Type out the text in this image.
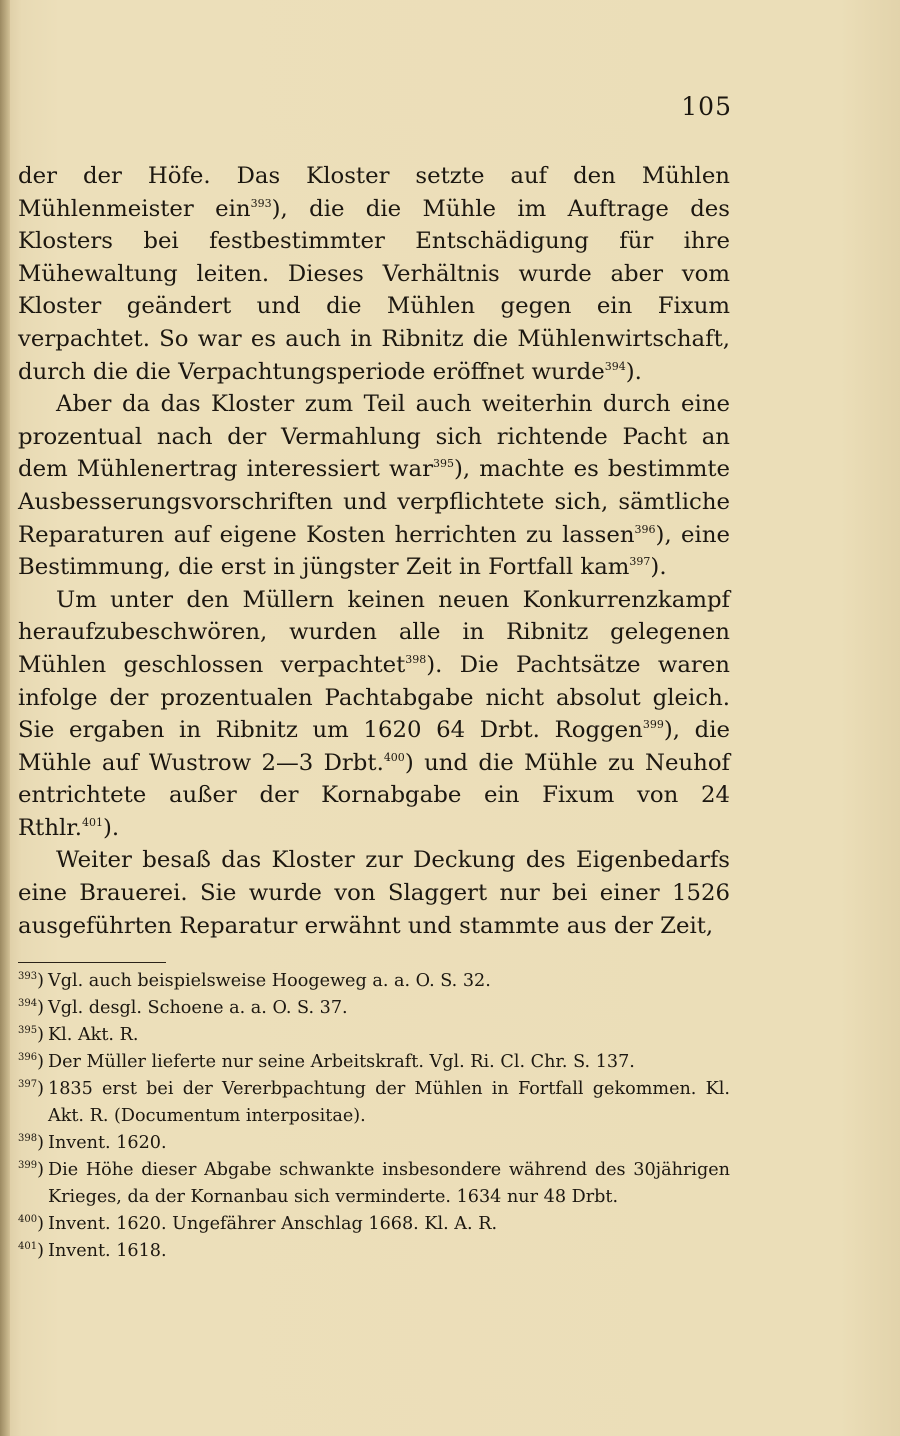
105

der der Höfe. Das Kloster setzte auf den Mühlen Mühlenmeister ein$^{393}$), die die Mühle im Auftrage des Klosters bei festbestimmter Entschädigung für ihre Mühewaltung leiten. Dieses Verhältnis wurde aber vom Kloster geändert und die Mühlen gegen ein Fixum verpachtet. So war es auch in Ribnitz die Mühlenwirtschaft, durch die die Verpachtungsperiode eröffnet wurde$^{394}$).

Aber da das Kloster zum Teil auch weiterhin durch eine prozentual nach der Vermahlung sich richtende Pacht an dem Mühlenertrag interessiert war$^{395}$), machte es bestimmte Ausbesserungsvorschriften und verpflichtete sich, sämtliche Reparaturen auf eigene Kosten herrichten zu lassen$^{396}$), eine Bestimmung, die erst in jüngster Zeit in Fortfall kam$^{397}$).

Um unter den Müllern keinen neuen Konkurrenzkampf heraufzubeschwören, wurden alle in Ribnitz gelegenen Mühlen geschlossen verpachtet$^{398}$). Die Pachtsätze waren infolge der prozentualen Pachtabgabe nicht absolut gleich. Sie ergaben in Ribnitz um 1620 64 Drbt. Roggen$^{399}$), die Mühle auf Wustrow 2—3 Drbt.$^{400}$) und die Mühle zu Neuhof entrichtete außer der Kornabgabe ein Fixum von 24 Rthlr.$^{401}$).

Weiter besaß das Kloster zur Deckung des Eigenbedarfs eine Brauerei. Sie wurde von Slaggert nur bei einer 1526 ausgeführten Reparatur erwähnt und stammte aus der Zeit,

$^{393}$) Vgl. auch beispielsweise Hoogeweg a. a. O. S. 32.
$^{394}$) Vgl. desgl. Schoene a. a. O. S. 37.
$^{395}$) Kl. Akt. R.
$^{396}$) Der Müller lieferte nur seine Arbeitskraft. Vgl. Ri. Cl. Chr. S. 137.
$^{397}$) 1835 erst bei der Vererbpachtung der Mühlen in Fortfall gekommen. Kl. Akt. R. (Documentum interpositae).
$^{398}$) Invent. 1620.
$^{399}$) Die Höhe dieser Abgabe schwankte insbesondere während des 30jährigen Krieges, da der Kornanbau sich verminderte. 1634 nur 48 Drbt.
$^{400}$) Invent. 1620. Ungefährer Anschlag 1668. Kl. A. R.
$^{401}$) Invent. 1618.
